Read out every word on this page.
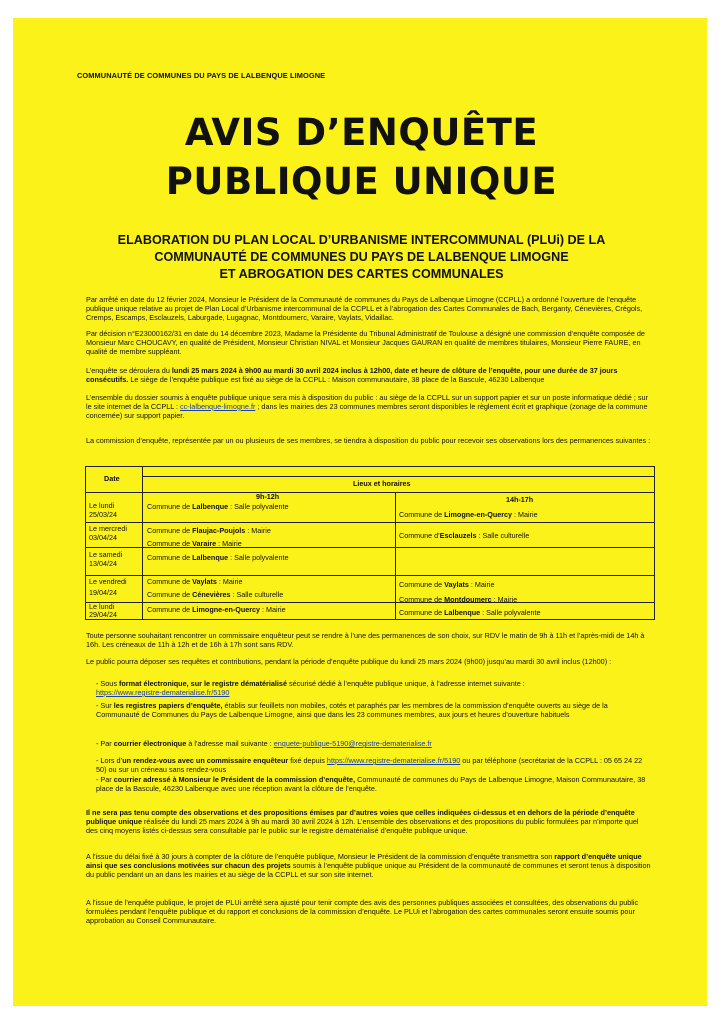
COMMUNAUTÉ DE COMMUNES DU PAYS DE LALBENQUE LIMOGNE
AVIS D’ENQUÊTE
PUBLIQUE UNIQUE
ELABORATION DU PLAN LOCAL D’URBANISME INTERCOMMUNAL (PLUi) DE LA
COMMUNAUTÉ DE COMMUNES DU PAYS DE LALBENQUE LIMOGNE
ET ABROGATION DES CARTES COMMUNALES

Par arrêté en date du 12 février 2024, Monsieur le Président de la Communauté de communes du Pays de Lalbenque Limogne (CCPLL) a ordonné l’ouverture de l’enquête publique unique relative au projet de Plan Local d’Urbanisme intercommunal de la CCPLL et à l’abrogation des Cartes Communales de Bach, Berganty, Cénevières, Crégols, Cremps, Escamps, Esclauzels, Laburgade, Lugagnac, Montdoumerc, Varaire, Vaylats, Vidaillac.

Par décision n°E23000162/31 en date du 14 décembre 2023, Madame la Présidente du Tribunal Administratif de Toulouse a désigné une commission d’enquête composée de Monsieur Marc CHOUCAVY, en qualité de Président, Monsieur Christian NIVAL et Monsieur Jacques GAURAN en qualité de membres titulaires, Monsieur Pierre FAURE, en qualité de membre suppléant.

L’enquête se déroulera du lundi 25 mars 2024 à 9h00 au mardi 30 avril 2024 inclus à 12h00, date et heure de clôture de l’enquête, pour une durée de 37 jours consécutifs. Le siège de l’enquête publique est fixé au siège de la CCPLL : Maison communautaire, 38 place de la Bascule, 46230 Lalbenque

L’ensemble du dossier soumis à enquête publique unique sera mis à disposition du public : au siège de la CCPLL sur un support papier et sur un poste informatique dédié ; sur le site internet de la CCPLL : cc-lalbenque-limogne.fr ; dans les mairies des 23 communes membres seront disponibles le règlement écrit et graphique (zonage de la commune concernée) sur support papier.

La commission d’enquête, représentée par un ou plusieurs de ses membres, se tiendra à disposition du public pour recevoir ses observations lors des permanences suivantes :

Date
Lieux et horaires
9h-12h	14h-17h
Le lundi
25/03/24
Commune de Lalbenque : Salle polyvalente
Commune de Limogne-en-Quercy : Mairie
Le mercredi
03/04/24
Commune de Flaujac-Poujols : Mairie
Commune de Varaire : Mairie
Commune d’Esclauzels : Salle culturelle
Le samedi
13/04/24
Commune de Lalbenque : Salle polyvalente
Le vendredi
19/04/24
Commune de Vaylats : Mairie
Commune de Cénevières : Salle culturelle
Commune de Vaylats : Mairie
Commune de Montdoumerc : Mairie
Le lundi
29/04/24
Commune de Limogne-en-Quercy : Mairie	Commune de Lalbenque : Salle polyvalente

Toute personne souhaitant rencontrer un commissaire enquêteur peut se rendre à l’une des permanences de son choix, sur RDV le matin de 9h à 11h et l’après-midi de 14h à 16h. Les créneaux de 11h à 12h et de 16h à 17h sont sans RDV.

Le public pourra déposer ses requêtes et contributions, pendant la période d’enquête publique du lundi 25 mars 2024 (9h00) jusqu’au mardi 30 avril inclus (12h00) :

- Sous format électronique, sur le registre dématérialisé sécurisé dédié à l’enquête publique unique, à l’adresse internet suivante :
https://www.registre-dematerialise.fr/5190
- Sur les registres papiers d’enquête, établis sur feuillets non mobiles, cotés et paraphés par les membres de la commission d’enquête ouverts au siège de la Communauté de Communes du Pays de Lalbenque Limogne, ainsi que dans les 23 communes membres, aux jours et heures d’ouverture habituels
- Par courrier électronique à l’adresse mail suivante : enquete-publique-5190@registre-dematerialise.fr
- Lors d’un rendez-vous avec un commissaire enquêteur fixé depuis https://www.registre-dematerialise.fr/5190 ou par téléphone (secrétariat de la CCPLL : 05 65 24 22 50) ou sur un créneau sans rendez-vous
- Par courrier adressé à Monsieur le Président de la commission d’enquête, Communauté de communes du Pays de Lalbenque Limogne, Maison Communautaire, 38 place de la Bascule, 46230 Lalbenque avec une réception avant la clôture de l’enquête.

Il ne sera pas tenu compte des observations et des propositions émises par d’autres voies que celles indiquées ci-dessus et en dehors de la période d’enquête publique unique réalisée du lundi 25 mars 2024 à 9h au mardi 30 avril 2024 à 12h. L’ensemble des observations et des propositions du public formulées par n’importe quel des cinq moyens listés ci-dessus sera consultable par le public sur le registre dématérialisé d’enquête publique unique.

A l’issue du délai fixé à 30 jours à compter de la clôture de l’enquête publique, Monsieur le Président de la commission d’enquête transmettra son rapport d’enquête unique ainsi que ses conclusions motivées sur chacun des projets soumis à l’enquête publique unique au Président de la communauté de communes et seront tenus à disposition du public pendant un an dans les mairies et au siège de la CCPLL et sur son site internet.

A l’issue de l’enquête publique, le projet de PLUi arrêté sera ajusté pour tenir compte des avis des personnes publiques associées et consultées, des observations du public formulées pendant l’enquête publique et du rapport et conclusions de la commission d’enquête. Le PLUi et l’abrogation des cartes communales seront ensuite soumis pour approbation au Conseil Communautaire.
